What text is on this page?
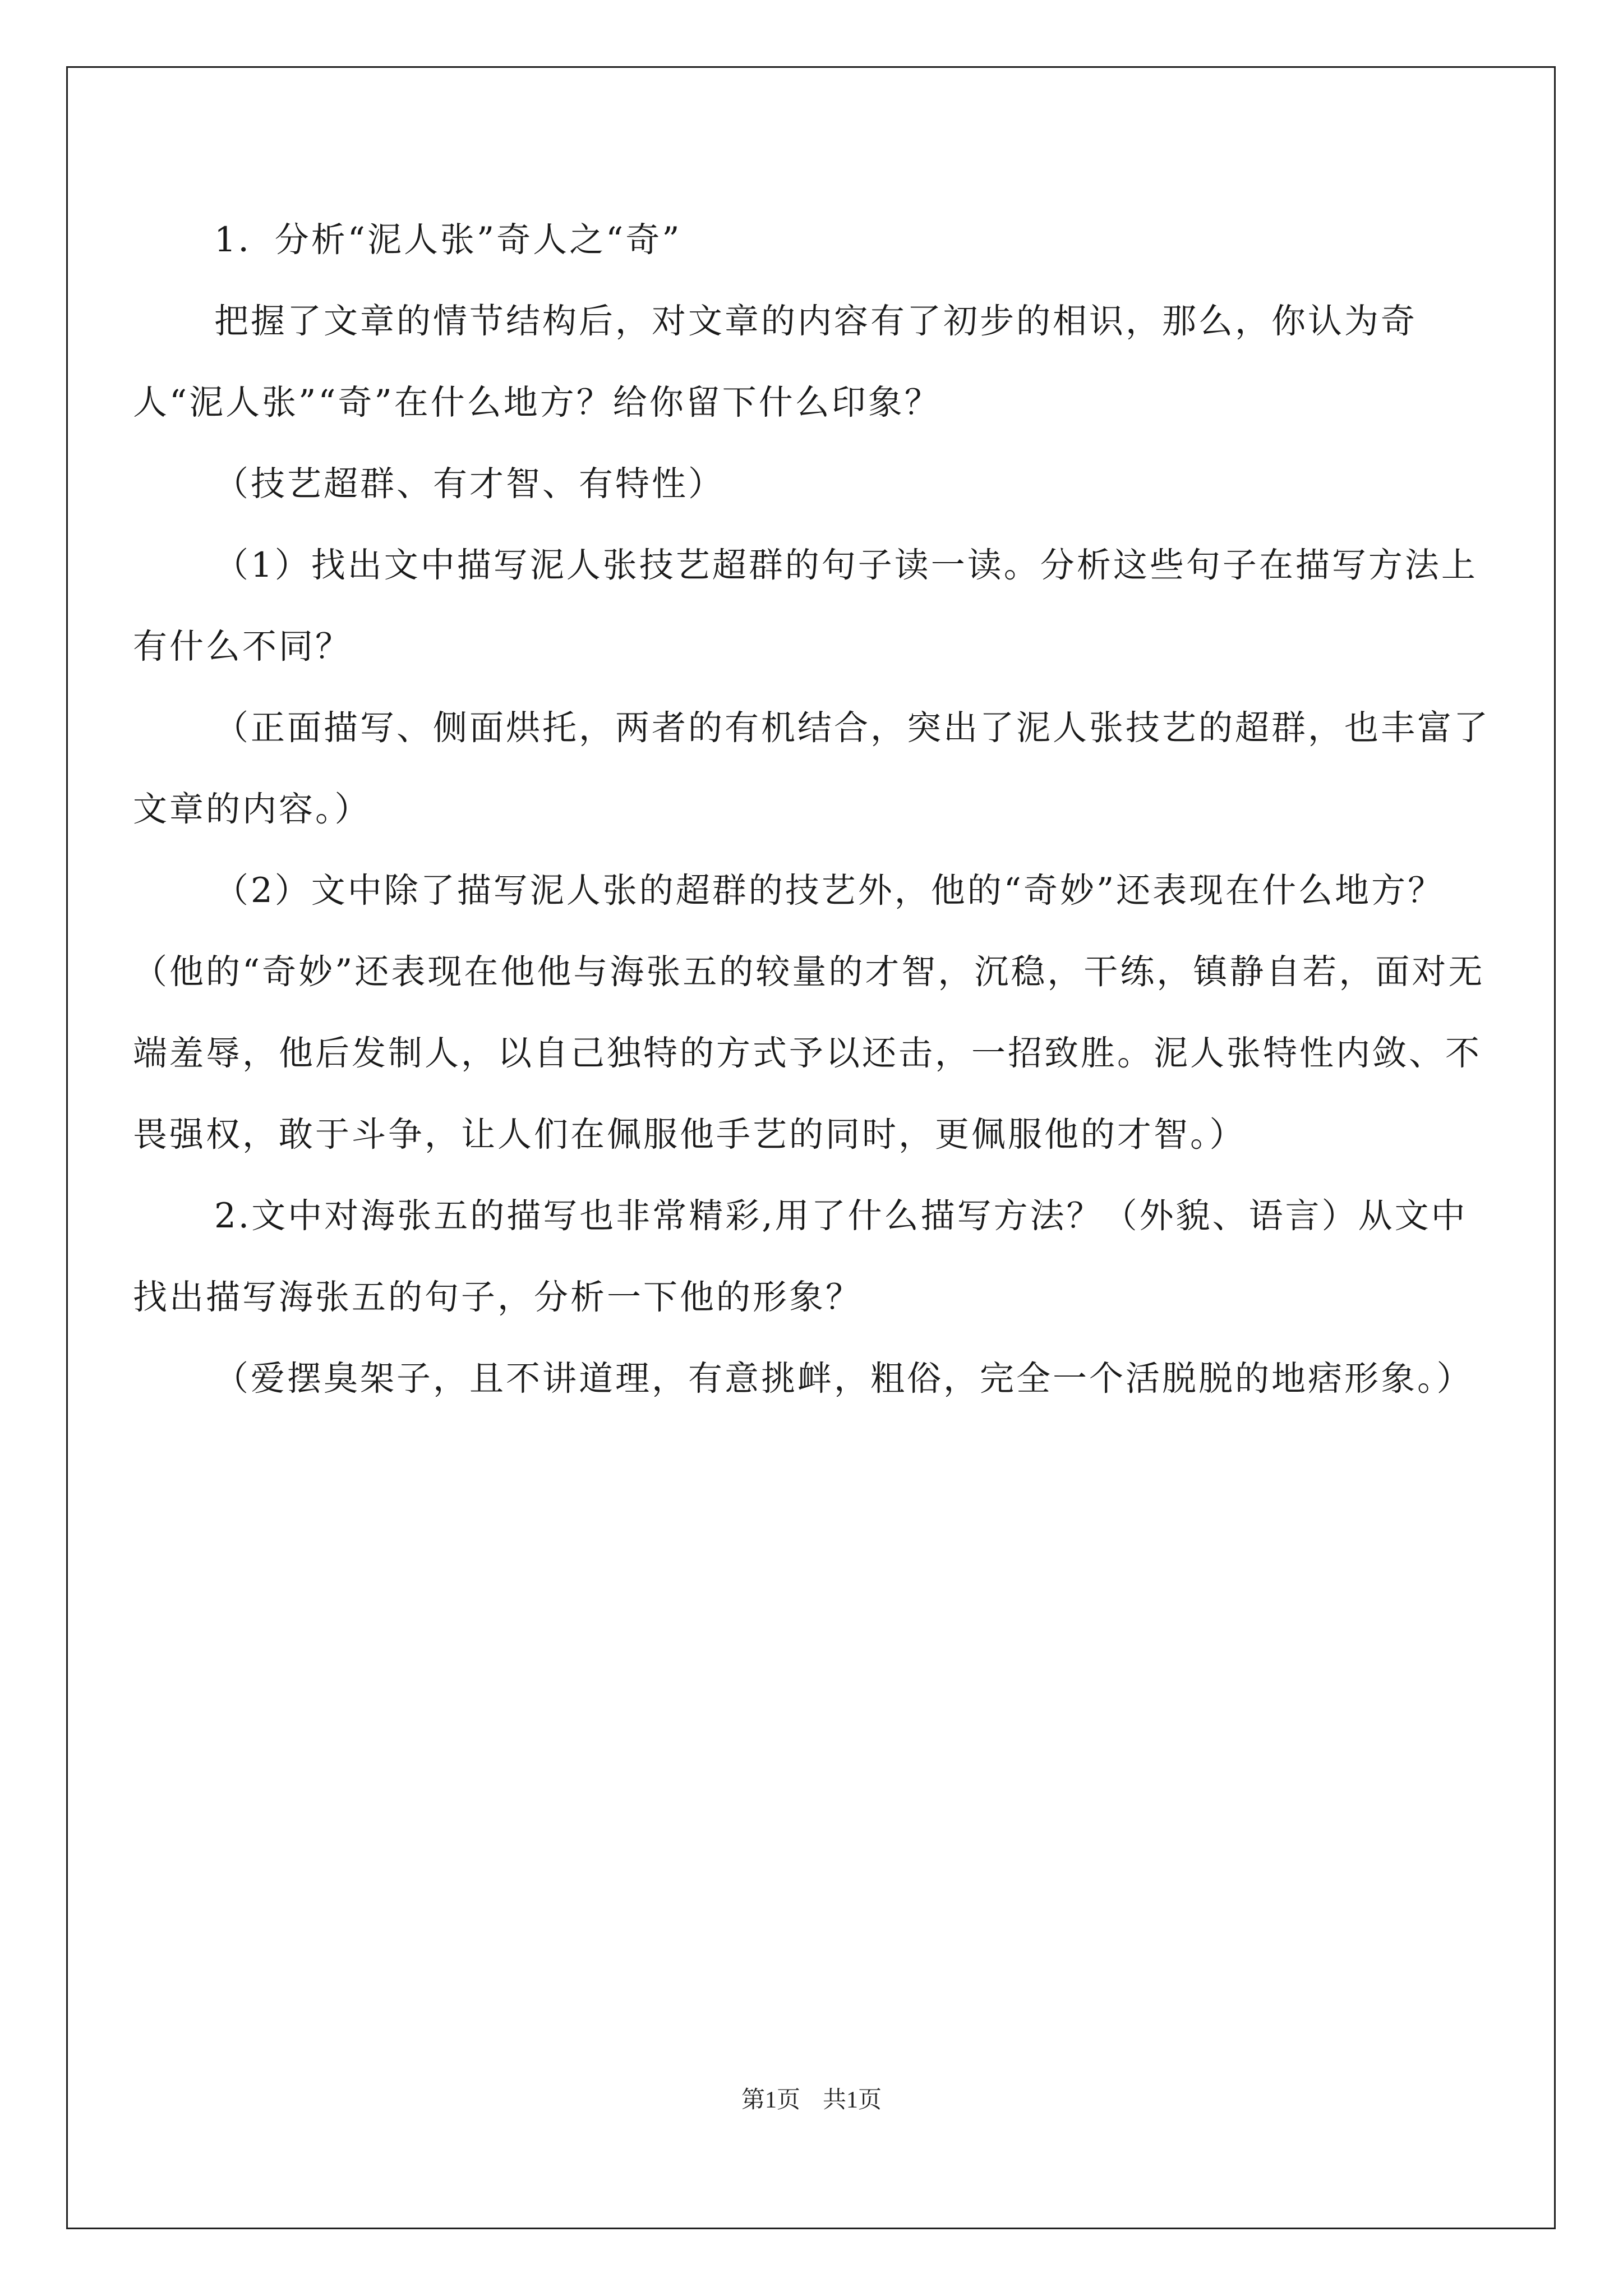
1．分析“泥人张”奇人之“奇”

把握了文章的情节结构后，对文章的内容有了初步的相识，那么，你认为奇人“泥人张”“奇”在什么地方？给你留下什么印象？

（技艺超群、有才智、有特性）

（1）找出文中描写泥人张技艺超群的句子读一读。分析这些句子在描写方法上有什么不同？

（正面描写、侧面烘托，两者的有机结合，突出了泥人张技艺的超群，也丰富了文章的内容。）

（2）文中除了描写泥人张的超群的技艺外，他的“奇妙”还表现在什么地方？ （他的“奇妙”还表现在他他与海张五的较量的才智，沉稳，干练，镇静自若，面对无端羞辱，他后发制人，以自己独特的方式予以还击，一招致胜。泥人张特性内敛、不畏强权，敢于斗争，让人们在佩服他手艺的同时，更佩服他的才智。）

2.文中对海张五的描写也非常精彩,用了什么描写方法？（外貌、语言）从文中找出描写海张五的句子，分析一下他的形象？

（爱摆臭架子，且不讲道理，有意挑衅，粗俗，完全一个活脱脱的地痞形象。）

第1页 共1页
